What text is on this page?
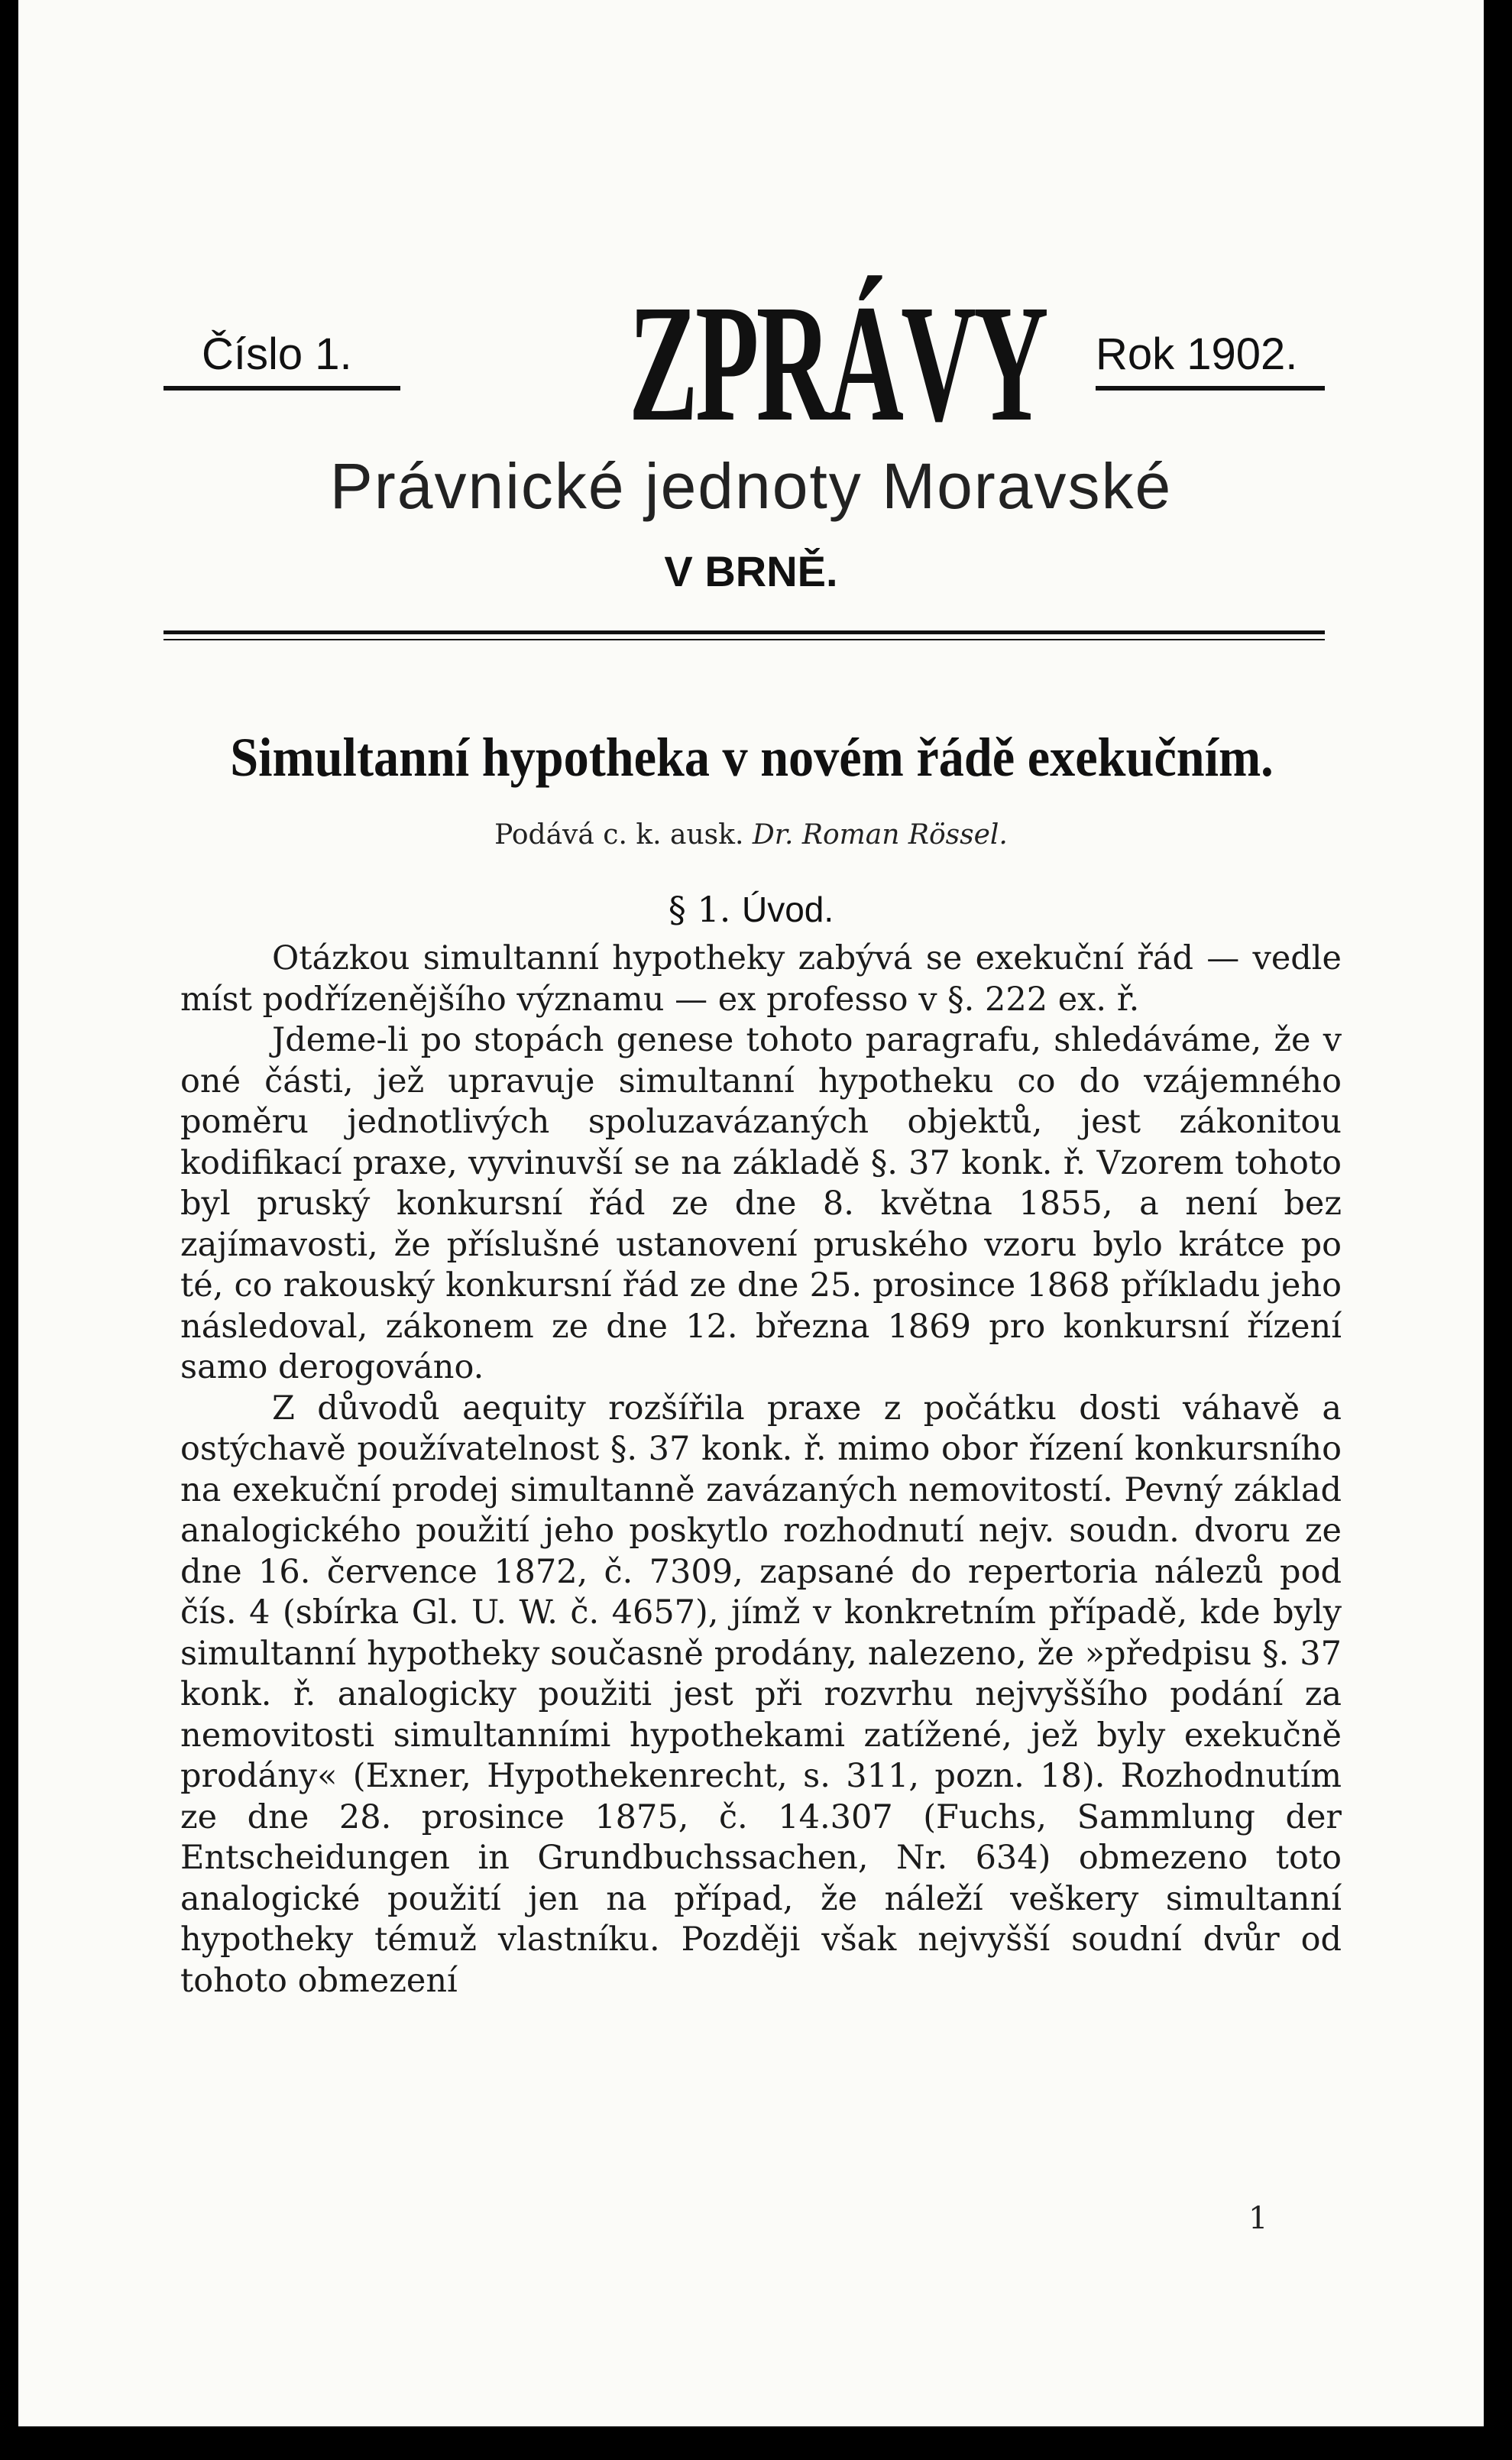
Číslo 1. ZPRÁVY Rok 1902.
Právnické jednoty Moravské
V BRNĚ.
Simultanní hypotheka v novém řádě exekučním.
Podává c. k. ausk. Dr. Roman Rössel.
§ 1. Úvod.

Otázkou simultanní hypotheky zabývá se exekuční řád — vedle míst podřízenějšího významu — ex professo v §. 222 ex. ř.

Jdeme-li po stopách genese tohoto paragrafu, shledáváme, že v oné části, jež upravuje simultanní hypotheku co do vzájemného poměru jednotlivých spoluzavázaných objektů, jest zákonitou kodifikací praxe, vyvinuvší se na základě §. 37 konk. ř. Vzorem tohoto byl pruský konkursní řád ze dne 8. května 1855, a není bez zajímavosti, že příslušné ustanovení pruského vzoru bylo krátce po té, co rakouský konkursní řád ze dne 25. prosince 1868 příkladu jeho následoval, zákonem ze dne 12. března 1869 pro konkursní řízení samo derogováno.

Z důvodů aequity rozšířila praxe z počátku dosti váhavě a ostýchavě používatelnost §. 37 konk. ř. mimo obor řízení konkursního na exekuční prodej simultanně zavázaných nemovitostí. Pevný základ analogického použití jeho poskytlo rozhodnutí nejv. soudn. dvoru ze dne 16. července 1872, č. 7309, zapsané do repertoria nálezů pod čís. 4 (sbírka Gl. U. W. č. 4657), jímž v konkretním případě, kde byly simultanní hypotheky současně prodány, nalezeno, že »předpisu §. 37 konk. ř. analogicky použiti jest při rozvrhu nejvyššího podání za nemovitosti simultanními hypothekami zatížené, jež byly exekučně prodány« (Exner, Hypothekenrecht, s. 311, pozn. 18). Rozhodnutím ze dne 28. prosince 1875, č. 14.307 (Fuchs, Sammlung der Entscheidungen in Grundbuchssachen, Nr. 634) obmezeno toto analogické použití jen na případ, že náleží veškery simultanní hypotheky témuž vlastníku. Později však nejvyšší soudní dvůr od tohoto obmezení

1
